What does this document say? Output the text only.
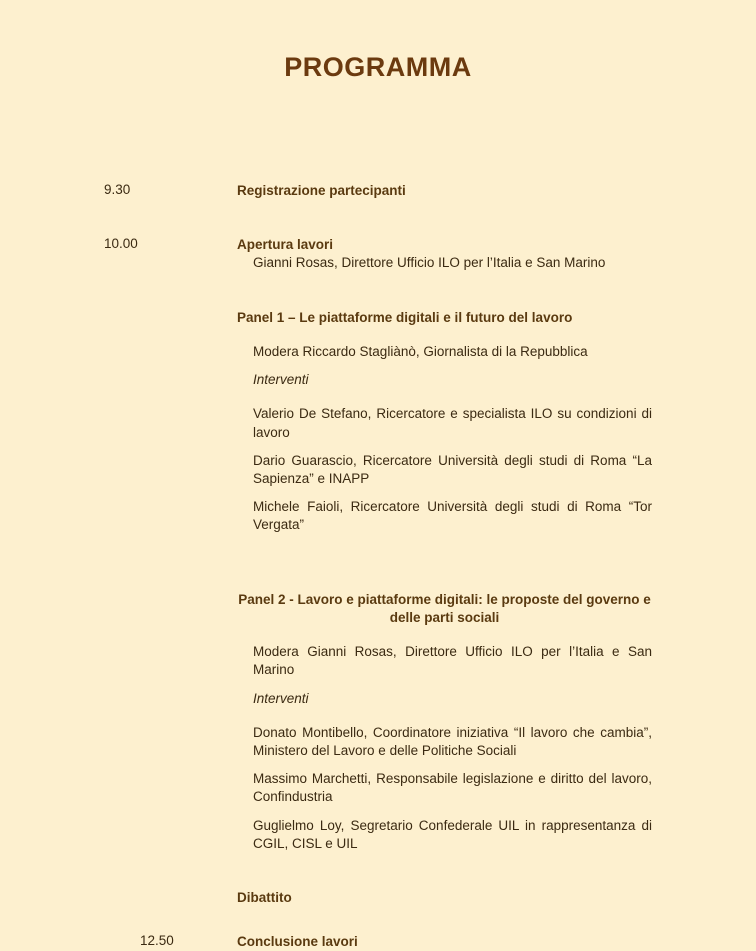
PROGRAMMA
9.30	Registrazione partecipanti
10.00	Apertura lavori
Gianni Rosas, Direttore Ufficio ILO per l’Italia e San Marino
Panel 1 – Le piattaforme digitali e il futuro del lavoro
Modera Riccardo Stagliànò, Giornalista di la Repubblica
Interventi
Valerio De Stefano, Ricercatore e specialista ILO su condizioni di lavoro
Dario Guarascio, Ricercatore Università degli studi di Roma “La Sapienza” e INAPP
Michele Faioli, Ricercatore Università degli studi di Roma “Tor Vergata”
Panel 2 - Lavoro e piattaforme digitali: le proposte del governo e delle parti sociali
Modera Gianni Rosas, Direttore Ufficio ILO per l’Italia e San Marino
Interventi
Donato Montibello, Coordinatore iniziativa “Il lavoro che cambia”, Ministero del Lavoro e delle Politiche Sociali
Massimo Marchetti, Responsabile legislazione e diritto del lavoro, Confindustria
Guglielmo Loy, Segretario Confederale UIL in rappresentanza di CGIL, CISL e UIL
Dibattito
12.50	Conclusione lavori
